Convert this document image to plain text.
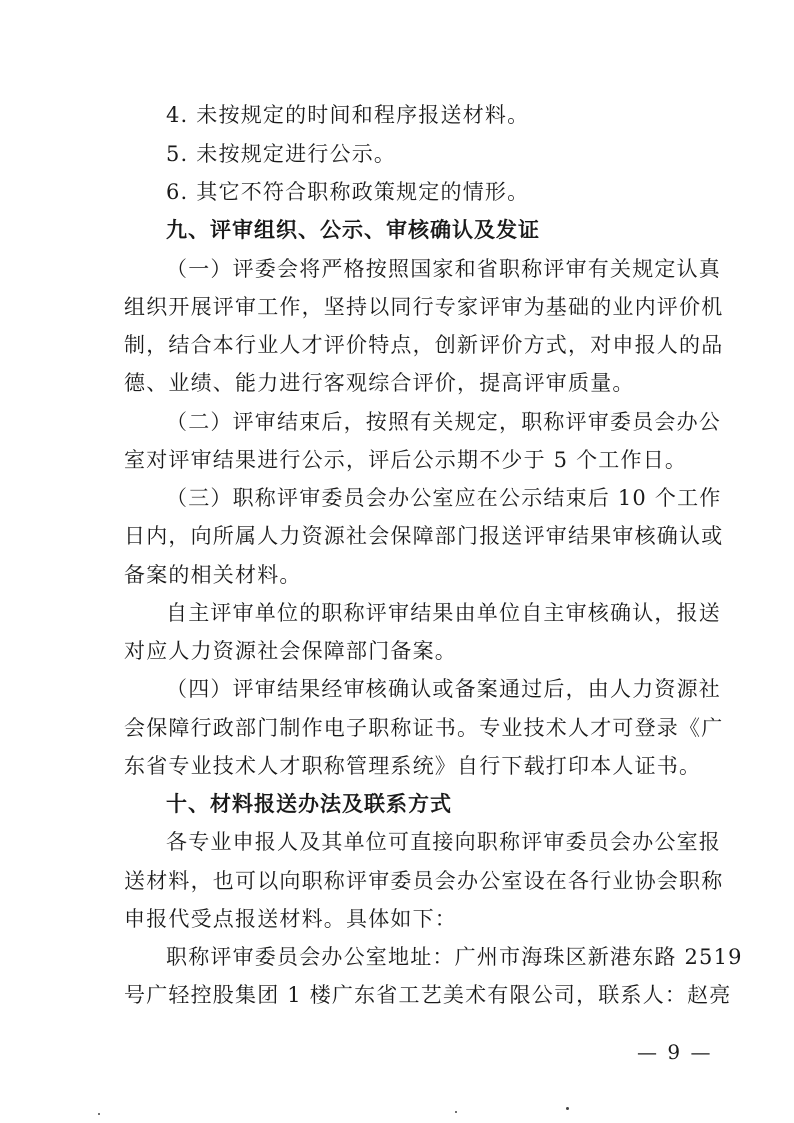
4. 未按规定的时间和程序报送材料。
5. 未按规定进行公示。
6. 其它不符合职称政策规定的情形。
九、评审组织、公示、审核确认及发证
（一）评委会将严格按照国家和省职称评审有关规定认真
组织开展评审工作，坚持以同行专家评审为基础的业内评价机
制，结合本行业人才评价特点，创新评价方式，对申报人的品
德、业绩、能力进行客观综合评价，提高评审质量。
（二）评审结束后，按照有关规定，职称评审委员会办公
室对评审结果进行公示，评后公示期不少于 5 个工作日。
（三）职称评审委员会办公室应在公示结束后 10 个工作
日内，向所属人力资源社会保障部门报送评审结果审核确认或
备案的相关材料。
自主评审单位的职称评审结果由单位自主审核确认，报送
对应人力资源社会保障部门备案。
（四）评审结果经审核确认或备案通过后，由人力资源社
会保障行政部门制作电子职称证书。专业技术人才可登录《广
东省专业技术人才职称管理系统》自行下载打印本人证书。
十、材料报送办法及联系方式
各专业申报人及其单位可直接向职称评审委员会办公室报
送材料，也可以向职称评审委员会办公室设在各行业协会职称
申报代受点报送材料。具体如下：
职称评审委员会办公室地址：广州市海珠区新港东路 2519
号广轻控股集团 1 楼广东省工艺美术有限公司，联系人：赵亮
— 9 —
